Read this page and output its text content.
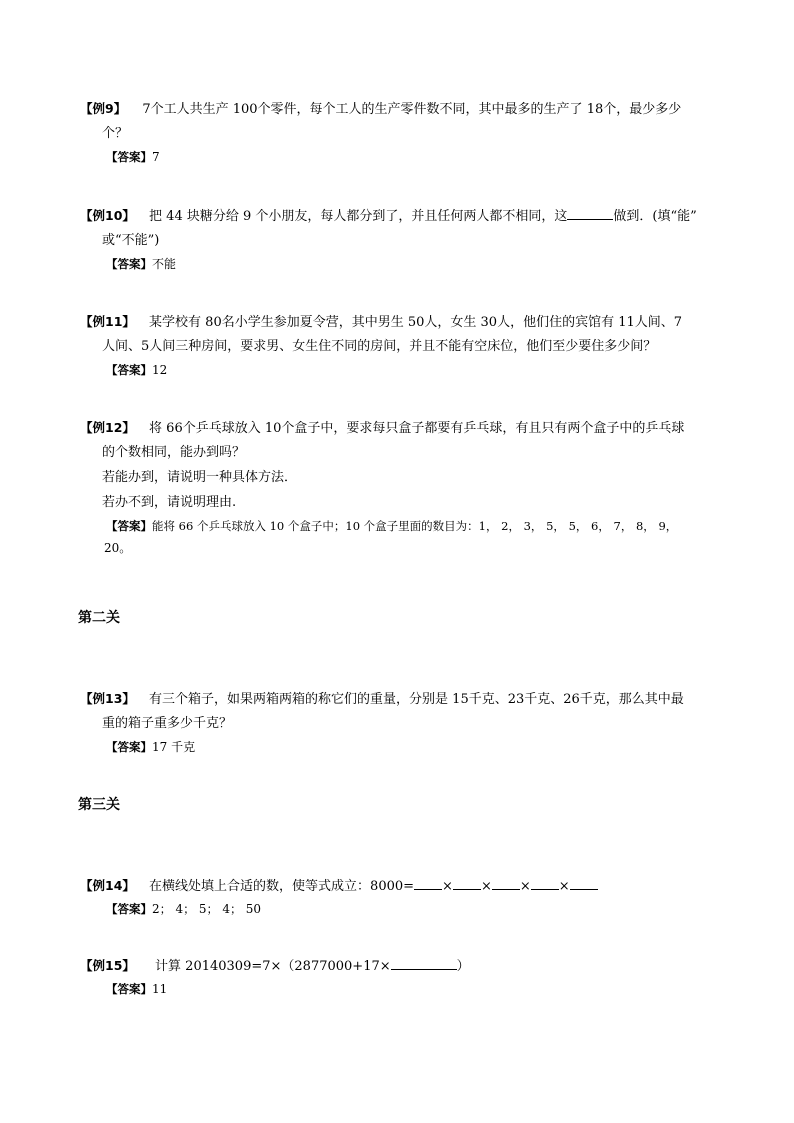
【例9】 7个工人共生产 100个零件，每个工人的生产零件数不同，其中最多的生产了 18个，最少多少
个？
【答案】7
【例10】 把 44 块糖分给 9 个小朋友，每人都分到了，并且任何两人都不相同，这	做到．(填“能”
或“不能”)
【答案】不能
【例11】 某学校有 80名小学生参加夏令营，其中男生 50人，女生 30人，他们住的宾馆有 11人间、7
人间、5人间三种房间，要求男、女生住不同的房间，并且不能有空床位，他们至少要住多少间？
【答案】12
【例12】 将 66个乒乓球放入 10个盒子中，要求每只盒子都要有乒乓球，有且只有两个盒子中的乒乓球
的个数相同，能办到吗？
若能办到，请说明一种具体方法．
若办不到，请说明理由.
【答案】能将 66 个乒乓球放入 10 个盒子中；10 个盒子里面的数目为：1， 2， 3， 5， 5， 6， 7， 8， 9，
20。
第二关
【例13】 有三个箱子，如果两箱两箱的称它们的重量，分别是 15千克、23千克、26千克，那么其中最
重的箱子重多少千克？
【答案】17 千克
第三关
【例14】 在横线处填上合适的数，使等式成立：8000= × × × ×
【答案】2； 4； 5； 4； 50
【例15】 计算 20140309=7×（2877000+17×	）
【答案】11
